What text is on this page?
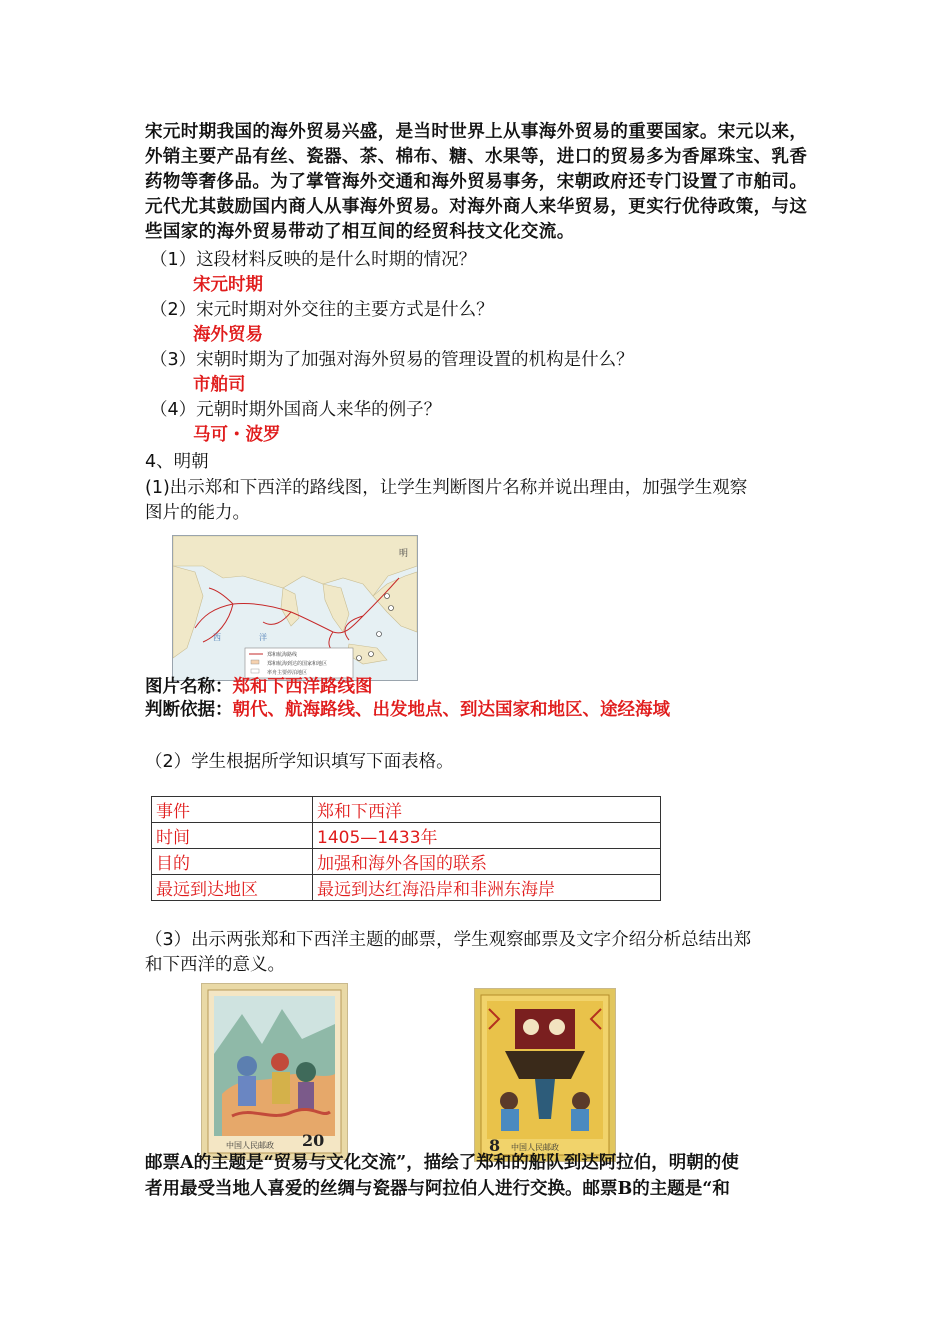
宋元时期我国的海外贸易兴盛，是当时世界上从事海外贸易的重要国家。宋元以来，外销主要产品有丝、瓷器、茶、棉布、糖、水果等，进口的贸易多为香犀珠宝、乳香药物等奢侈品。为了掌管海外交通和海外贸易事务，宋朝政府还专门设置了市舶司。元代尤其鼓励国内商人从事海外贸易。对海外商人来华贸易，更实行优待政策，与这些国家的海外贸易带动了相互间的经贸科技文化交流。
（1）这段材料反映的是什么时期的情况？
宋元时期
（2）宋元时期对外交往的主要方式是什么？
海外贸易
（3）宋朝时期为了加强对海外贸易的管理设置的机构是什么？
市舶司
（4）元朝时期外国商人来华的例子？
马可・波罗
4、明朝
(1)出示郑和下西洋的路线图，让学生判断图片名称并说出理由，加强学生观察
图片的能力。
明
西	洋
郑和航海路线
郑和航海到达的国家和地区
率舟主要停泊地区
图片名称：郑和下西洋路线图
判断依据：朝代、航海路线、出发地点、到达国家和地区、途经海域
（2）学生根据所学知识填写下面表格。
事件	郑和下西洋
时间	1405—1433年
目的	加强和海外各国的联系
最远到达地区	最远到达红海沿岸和非洲东海岸
（3）出示两张郑和下西洋主题的邮票，学生观察邮票及文字介绍分析总结出郑
和下西洋的意义。
中国人民邮政 20	中国人民邮政
8
邮票A的主题是“贸易与文化交流”，描绘了郑和的船队到达阿拉伯，明朝的使
者用最受当地人喜爱的丝绸与瓷器与阿拉伯人进行交换。邮票B的主题是“和
